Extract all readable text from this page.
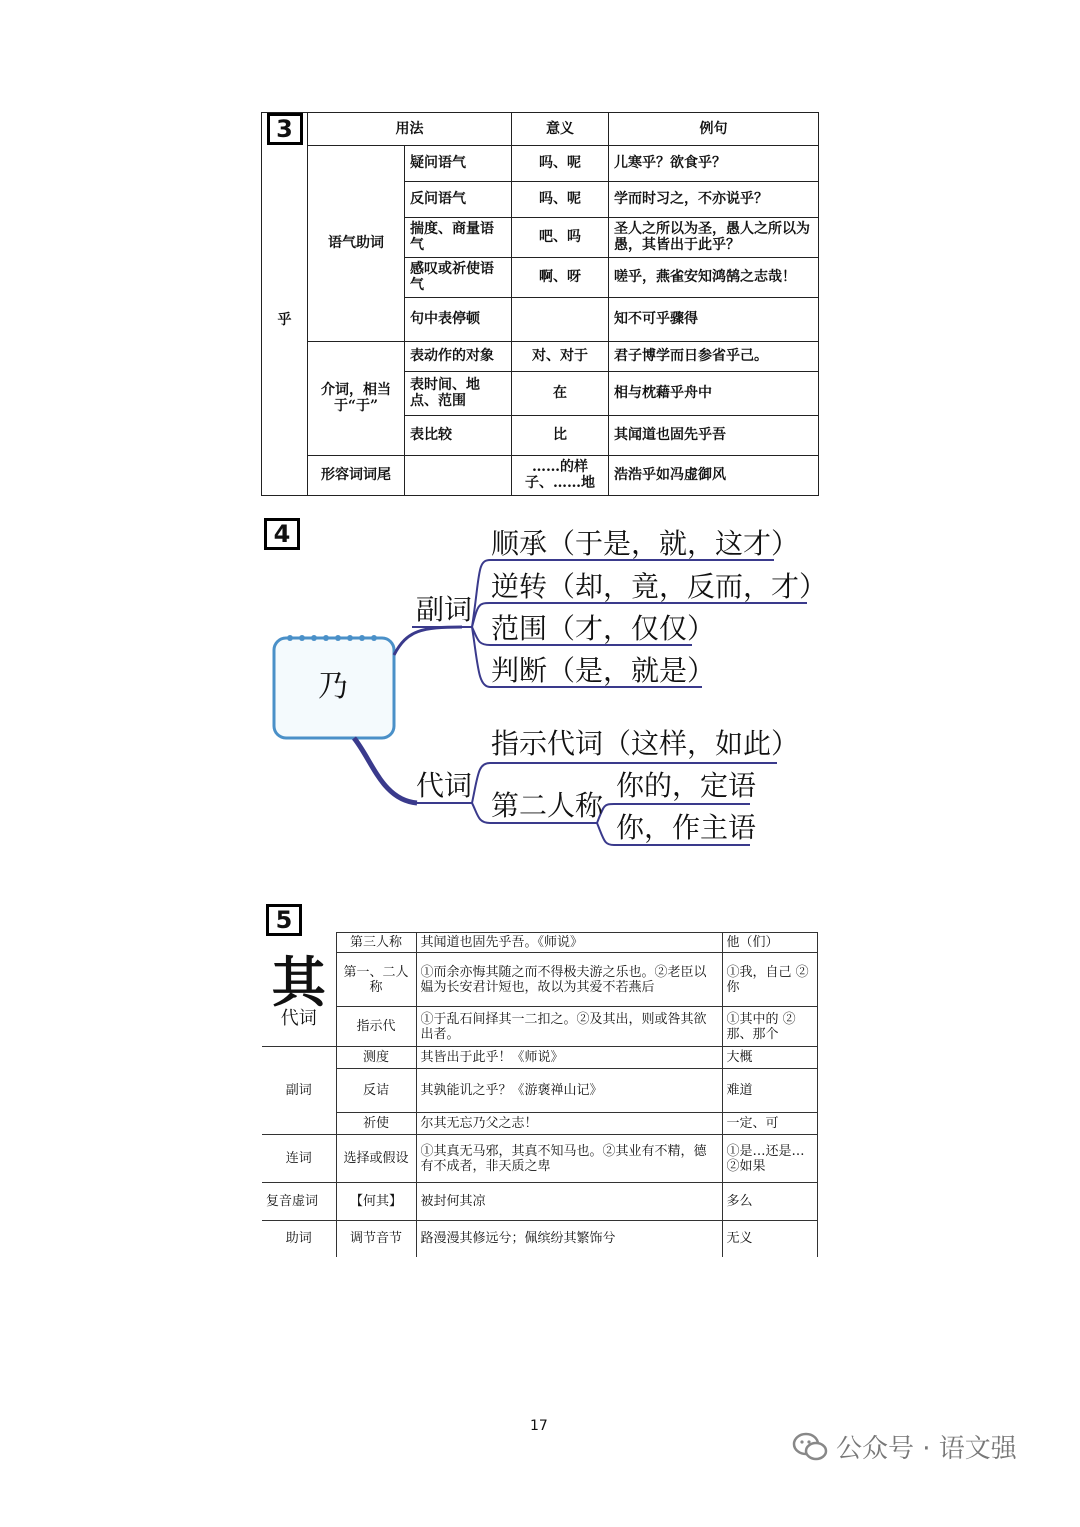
3	用法		意义	例句
乎	语气助词	疑问语气	吗、呢	儿寒乎？欲食乎？
		反问语气	吗、呢	学而时习之，不亦说乎？
		揣度、商量语气	吧、吗	圣人之所以为圣，愚人之所以为愚，其皆出于此乎？
		感叹或祈使语气	啊、呀	嗟乎，燕雀安知鸿鹄之志哉！
		句中表停顿		知不可乎骤得
	介词，相当于“于”	表动作的对象	对、对于	君子博学而日参省乎己。
		表时间、地点、范围	在	相与枕藉乎舟中
		表比较	比	其闻道也固先乎吾
	形容词词尾		……的样子、……地	浩浩乎如冯虚御风
4
乃
副词
顺承（于是，就，这才）
逆转（却，竟，反而，才）
范围（才，仅仅）
判断（是，就是）
代词
指示代词（这样，如此）
第二人称
你的，定语
你，作主语
5
其
代词	第三人称	其闻道也固先乎吾。《师说》	他（们）
	第一、二人称	①而余亦悔其随之而不得极夫游之乐也。②老臣以媪为长安君计短也，故以为其爱不若燕后	①我，自己 ②你
	指示代	①于乱石间择其一二扣之。②及其出，则或咎其欲出者。	①其中的 ②那、那个
副词	测度	其皆出于此乎！《师说》	大概
	反诘	其孰能讥之乎？《游褒禅山记》	难道
	祈使	尔其无忘乃父之志！	一定、可
连词	选择或假设	①其真无马邪，其真不知马也。②其业有不精，德有不成者，非天质之卑	①是…还是… ②如果
复音虚词	【何其】	被封何其凉	多么
助词	调节音节	路漫漫其修远兮；佩缤纷其繁饰兮	无义
17
公众号 · 语文强
